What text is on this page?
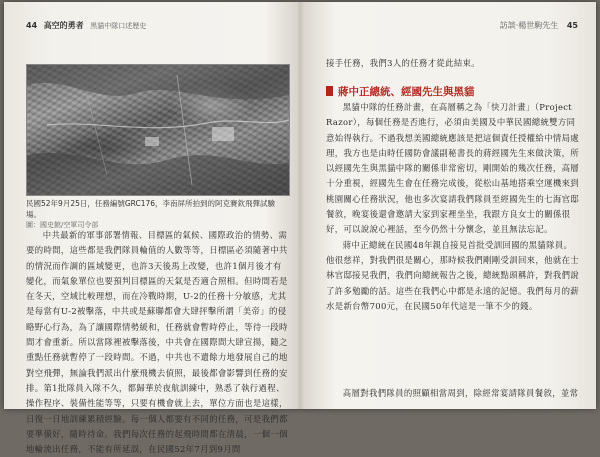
44 高空的勇者 黑貓中隊口述歷史
民國52年9月25日，任務編號GRC176，李南屏所拍到的阿克賽欽飛彈試驗場。
圖：國史館/空軍司令部

中共最新的軍事部署情報、目標區的氣候、國際政治的情勢、需要的時間，這些都是我們隊員輪值的人數等等，日標區必須隨著中共的情況而作調的區域變更，也許3天後馬上改變，也許1個月後才有變化，而氣象單位也要預判目標區的天氣是否適合照相。但時間若是在冬天，空域比較理想，而在冷戰時期，U-2的任務十分敏感，尤其是每當有U-2被擊落，中共或是蘇聯都會大肆抨擊所謂「美帝」的侵略野心行為，為了讓國際情勢緩和，任務就會暫時停止，等待一段時間才會重新。所以當隊裡被擊落後，中共會在國際間大肆宣揚，隨之重點任務就暫停了一段時間。不過，中共也不遺餘力地發展自己的地對空飛彈，無論我們派出什麼飛機去偵照，最後都會影響到任務的安排。第1批隊員入隊不久，都歸華於夜航訓練中，熟悉了執行過程、操作程序、裝備性能等等，只要有機會就上去，單位方面也是這樣，日復一日地訓練累積經驗。每一個人都要有不同的任務，可是我們都要準備好，隨時待命。我們每次任務的起飛時間都在清晨，一個一個地輪流出任務，不能有所延誤，在民國52年7月到9月間

訪談‧楊世駒先生 45

接手任務，我們3人的任務才從此結束。

蔣中正總統、經國先生與黑貓

黑貓中隊的任務計畫，在高層稱之為「快刀計畫」（Project Razor），每個任務是否進行，必須由美國及中華民國總統雙方同意始得執行。不過我想美國總統應該是把這個責任授權給中情局處理，我方也是由時任國防會議副秘書長的蔣經國先生來做決策，所以經國先生與黑貓中隊的關係非常密切，剛開始的幾次任務，高層十分重視，經國先生會在任務完成後，從松山基地搭乘空運機來到桃園關心任務狀況，他也多次宴請我們隊員至經國先生的七海官邸餐敘，晚宴後還會邀請大家到家裡坐坐，我跟方良女士的關係很好，可以說說心裡話，至今仍然十分懷念，並且無法忘記。

蔣中正總統在民國48年親自接見首批受訓回國的黑貓隊員。他很慈祥，對我們很是關心，那時候我們剛剛受訓回來，他就在士林官邸接見我們，我們向總統報告之後，總統點頭稱許，對我們說了許多勉勵的話。這些在我們心中都是永遠的記憶。我們每月的薪水是新台幣700元，在民國50年代這是一筆不少的錢。

高層對我們隊員的照顧相當周到，除經常宴請隊員餐敘，並常
